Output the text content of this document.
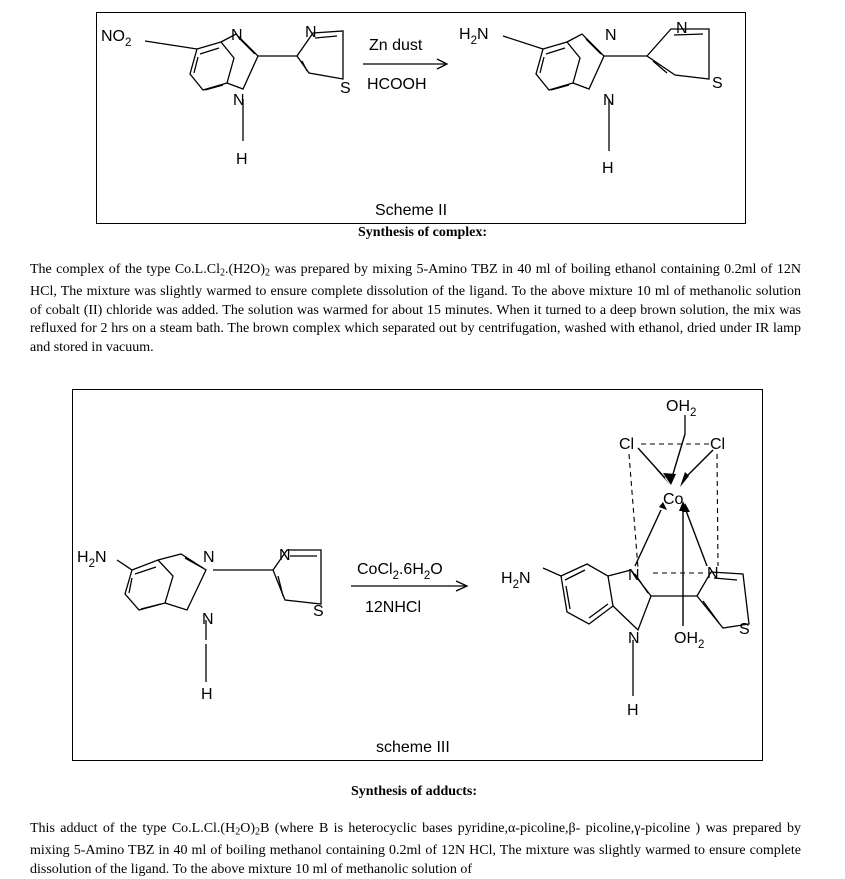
$NO_2$	N
N
H
N
S
Zn dust
HCOOH
$H_2N$	N
N
H
N
S
Scheme II
Synthesis of complex:
The complex of the type $Co.L.Cl_2.(H2O)_2$ was prepared by mixing 5-Amino TBZ in 40 ml of boiling ethanol containing 0.2ml of 12N HCl, The mixture was slightly warmed to ensure complete dissolution of the ligand. To the above mixture 10 ml of methanolic solution of cobalt (II) chloride was added. The solution was warmed for about 15 minutes. When it turned to a deep brown solution, the mix was refluxed for 2 hrs on a steam bath. The brown complex which separated out by centrifugation, washed with ethanol, dried under IR lamp and stored in vacuum.
$H_2N$	N
N
H
N
S
$CoCl_2.6H_2O$
12NHCl
$OH_2$
Cl	Cl
Co
$H_2N$	N
N
H
N
S
$OH_2$
scheme III
Synthesis of adducts:
This adduct of the type $Co.L.Cl.(H_2O)_2B$ (where B is heterocyclic bases pyridine,α-picoline,β- picoline,γ-picoline ) was prepared by mixing 5-Amino TBZ in 40 ml of boiling methanol containing 0.2ml of 12N HCl, The mixture was slightly warmed to ensure complete dissolution of the ligand. To the above mixture 10 ml of methanolic solution of
